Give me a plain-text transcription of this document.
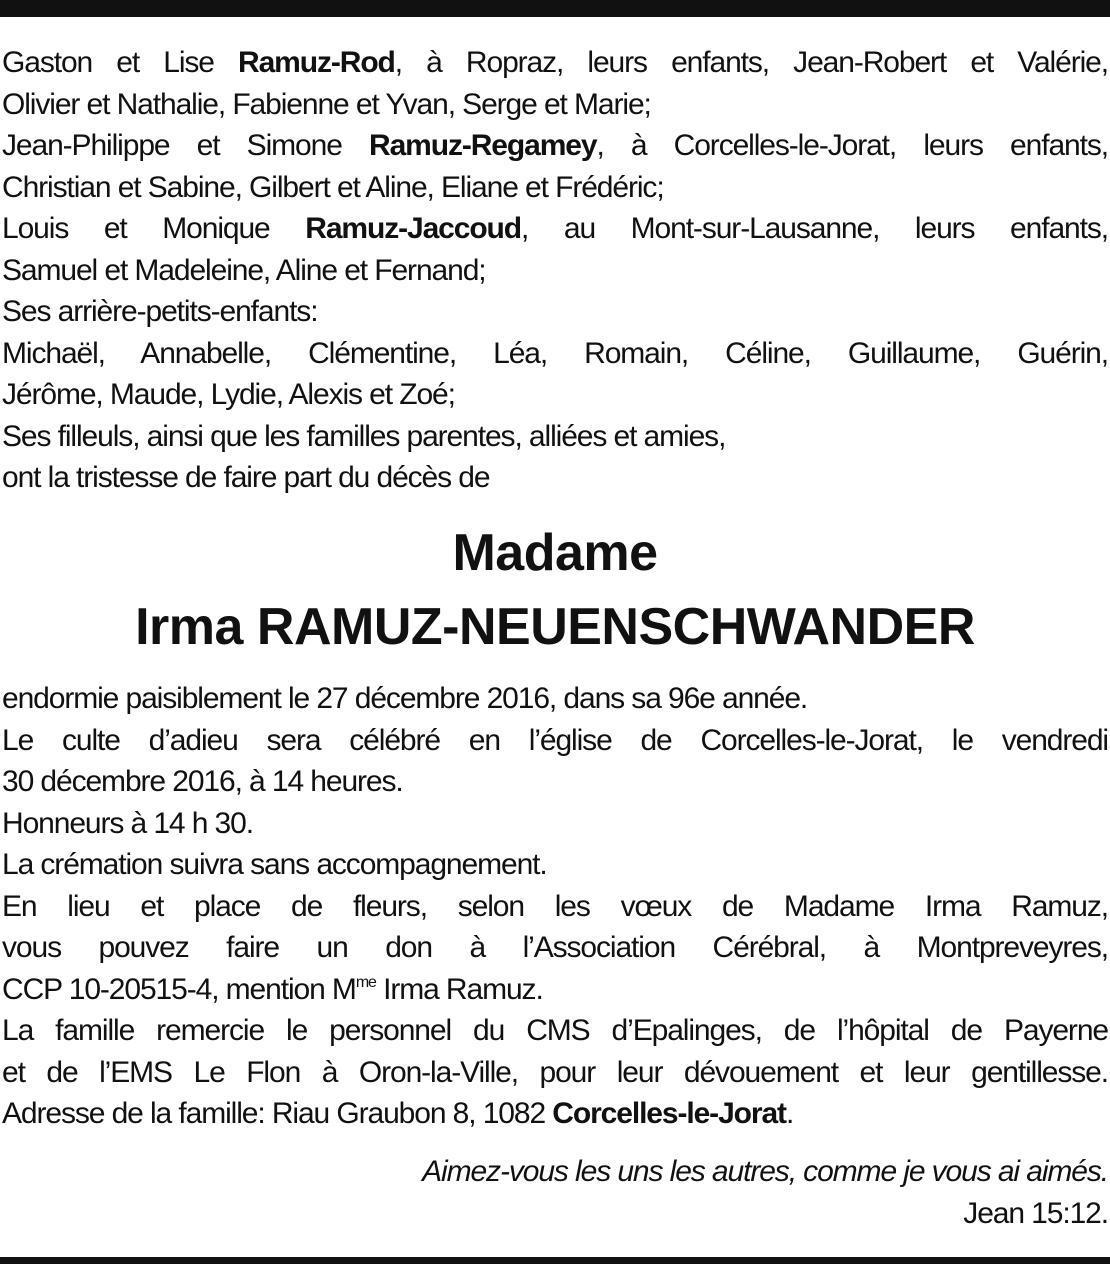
Gaston et Lise Ramuz-Rod, à Ropraz, leurs enfants, Jean-Robert et Valérie,

Olivier et Nathalie, Fabienne et Yvan, Serge et Marie;

Jean-Philippe et Simone Ramuz-Regamey, à Corcelles-le-Jorat, leurs enfants,

Christian et Sabine, Gilbert et Aline, Eliane et Frédéric;

Louis et Monique Ramuz-Jaccoud, au Mont-sur-Lausanne, leurs enfants,

Samuel et Madeleine, Aline et Fernand;

Ses arrière-petits-enfants:

Michaël, Annabelle, Clémentine, Léa, Romain, Céline, Guillaume, Guérin,

Jérôme, Maude, Lydie, Alexis et Zoé;

Ses filleuls, ainsi que les familles parentes, alliées et amies,

ont la tristesse de faire part du décès de

Madame
Irma RAMUZ-NEUENSCHWANDER

endormie paisiblement le 27 décembre 2016, dans sa 96e année.

Le culte d’adieu sera célébré en l’église de Corcelles-le-Jorat, le vendredi

30 décembre 2016, à 14 heures.

Honneurs à 14 h 30.

La crémation suivra sans accompagnement.

En lieu et place de fleurs, selon les vœux de Madame Irma Ramuz,

vous pouvez faire un don à l’Association Cérébral, à Montpreveyres,

CCP 10-20515-4, mention $M^{me}$ Irma Ramuz.

La famille remercie le personnel du CMS d’Epalinges, de l’hôpital de Payerne

et de l’EMS Le Flon à Oron-la-Ville, pour leur dévouement et leur gentillesse.

Adresse de la famille: Riau Graubon 8, 1082 Corcelles-le-Jorat.

Aimez-vous les uns les autres, comme je vous ai aimés.
Jean 15:12.
